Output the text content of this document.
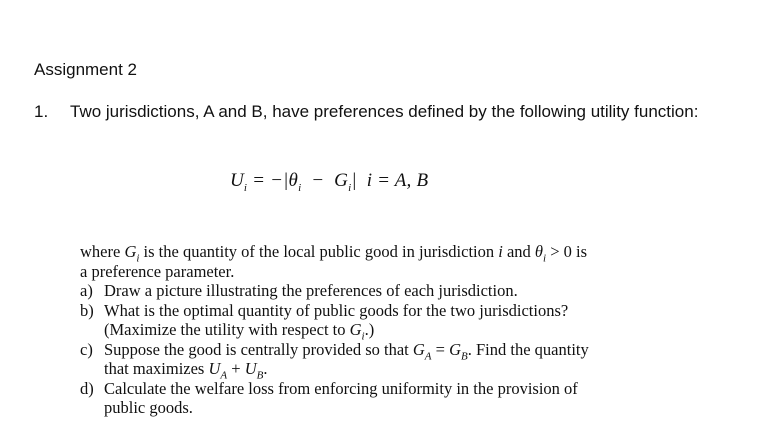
Assignment 2
1. Two jurisdictions, A and B, have preferences defined by the following utility function:
$U_i = -|\theta_i - G_i|$  i = A, B
where $G_i$ is the quantity of the local public good in jurisdiction i and $\theta_i > 0$ is
a preference parameter.
a) Draw a picture illustrating the preferences of each jurisdiction.
b) What is the optimal quantity of public goods for the two jurisdictions?
(Maximize the utility with respect to $G_i$.)
c) Suppose the good is centrally provided so that $G_A = G_B$. Find the quantity
that maximizes $U_A + U_B$.
d) Calculate the welfare loss from enforcing uniformity in the provision of
public goods.
